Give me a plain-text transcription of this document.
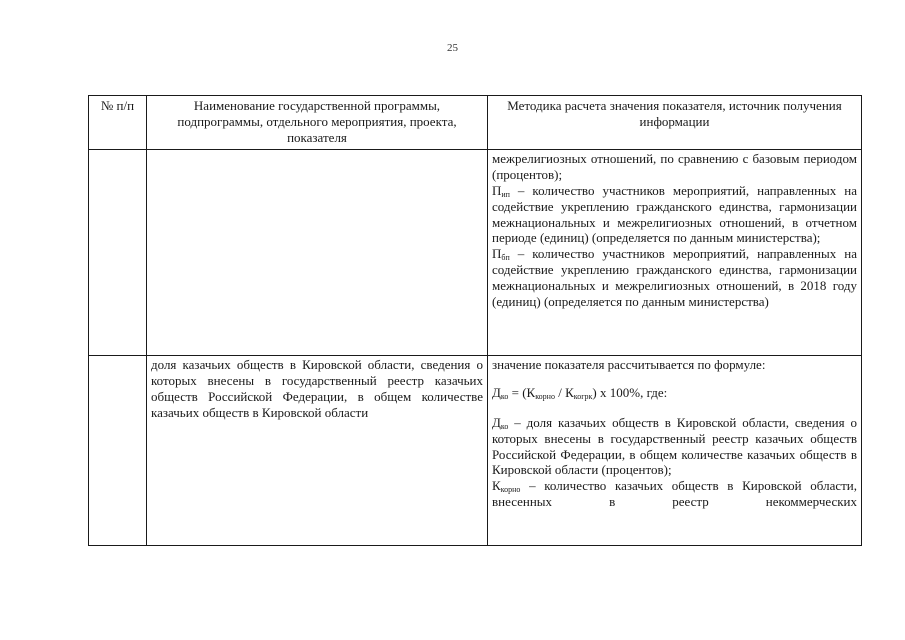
25
№ п/п	Наименование государственной программы, подпрограммы, отдельного мероприятия, проекта, показателя	Методика расчета значения показателя, источник получения информации

		межрелигиозных отношений, по сравнению с базовым периодом (процентов);

$П_{ип}$ – количество участников мероприятий, направленных на содействие укреплению гражданского единства, гармонизации межнациональных и межрелигиозных отношений, в отчетном периоде (единиц) (определяется по данным министерства);

$П_{бп}$ – количество участников мероприятий, направленных на содействие укреплению гражданского единства, гармонизации межнациональных и межрелигиозных отношений, в 2018 году (единиц) (определяется по данным министерства)

	доля казачьих обществ в Кировской области, сведения о которых внесены в государственный реестр казачьих обществ Российской Федерации, в общем количестве казачьих обществ в Кировской области	значение показателя рассчитывается по формуле:

$Д_{ко} = (К_{корно} / К_{когрк})$ х 100%, где:

$Д_{ко}$ – доля казачьих обществ в Кировской области, сведения о которых внесены в государственный реестр казачьих обществ Российской Федерации, в общем количестве казачьих обществ в Кировской области (процентов);

$К_{корно}$ – количество казачьих обществ в Кировской области, внесенных в реестр некоммерческих
